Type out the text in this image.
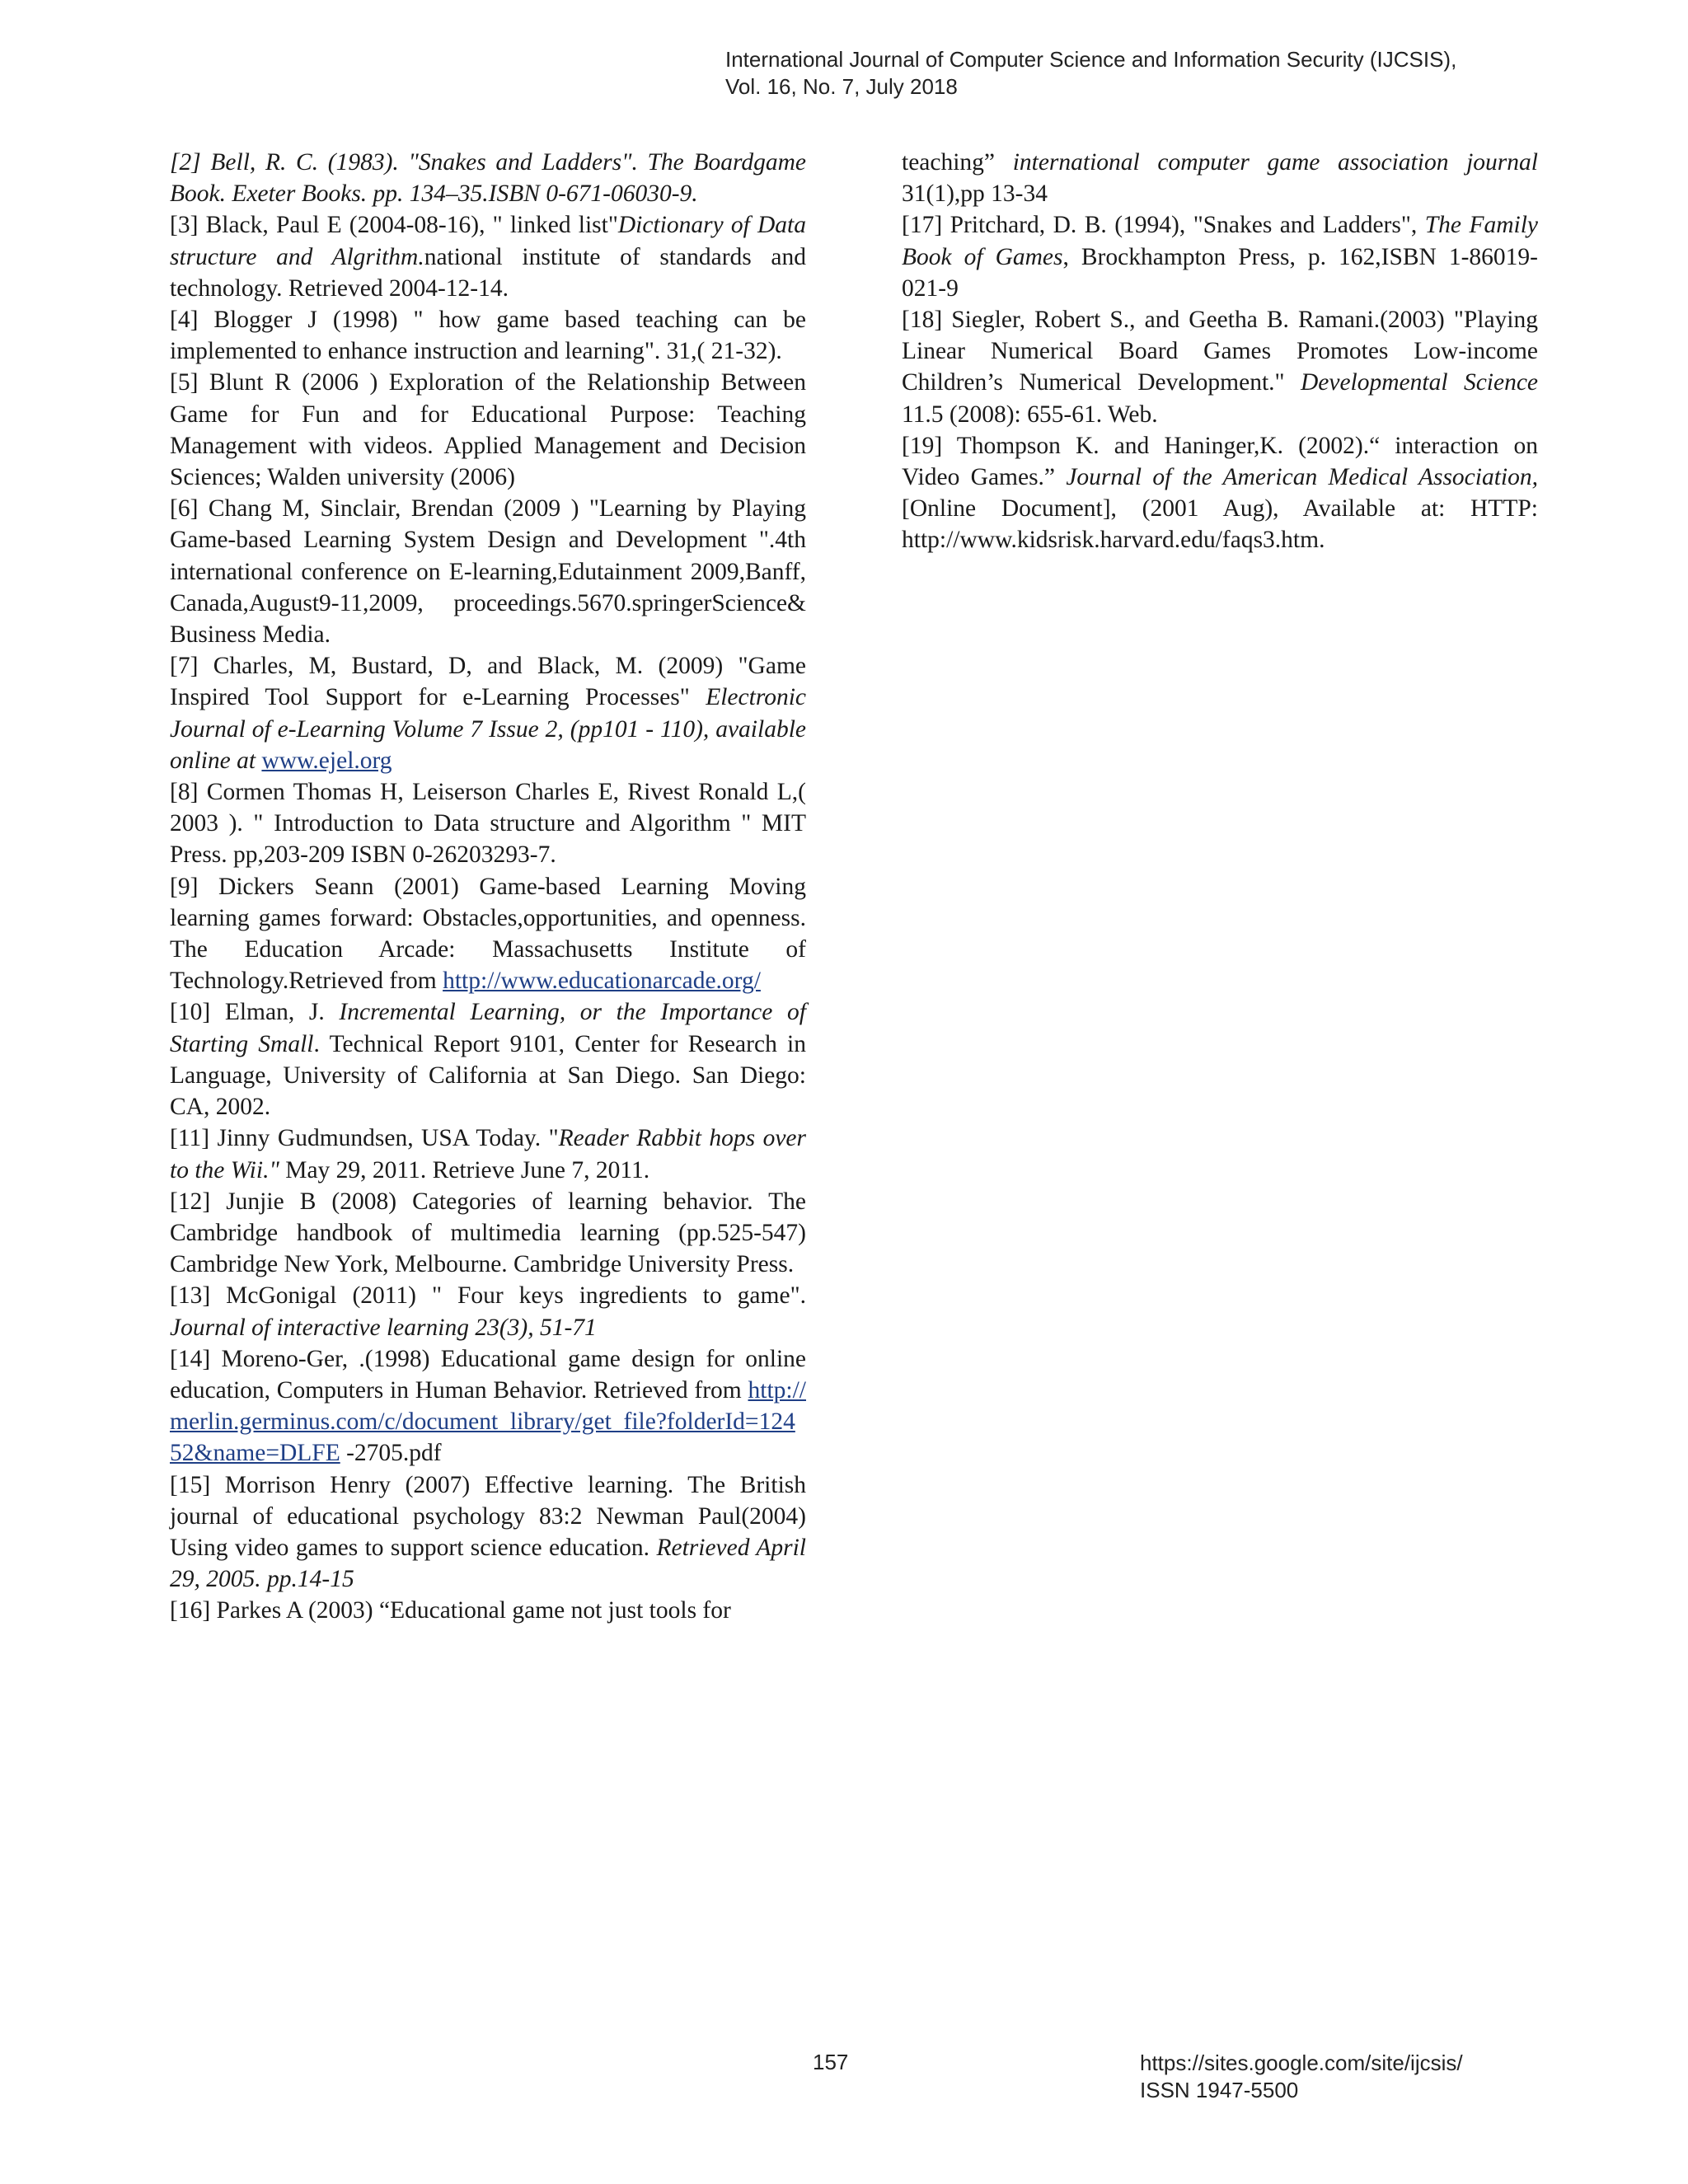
International Journal of Computer Science and Information Security (IJCSIS),
Vol. 16, No. 7, July 2018

[2] Bell, R. C. (1983). "Snakes and Ladders". The Boardgame Book. Exeter Books. pp. 134–35.ISBN 0-671-06030-9.

[3] Black, Paul E (2004-08-16), " linked list"Dictionary of Data structure and Algrithm.national institute of standards and technology. Retrieved 2004-12-14.

[4] Blogger J (1998) " how game based teaching can be implemented to enhance instruction and learning". 31,( 21-32).

[5] Blunt R (2006 ) Exploration of the Relationship Between Game for Fun and for Educational Purpose: Teaching Management with videos. Applied Management and Decision Sciences; Walden university (2006)

[6] Chang M, Sinclair, Brendan (2009 ) "Learning by Playing Game-based Learning System Design and Development ".4th international conference on E-learning,Edutainment 2009,Banff, Canada,August9-11,2009, proceedings.5670.springerScience& Business Media.

[7] Charles, M, Bustard, D, and Black, M. (2009) "Game Inspired Tool Support for e-Learning Processes" Electronic Journal of e-Learning Volume 7 Issue 2, (pp101 - 110), available online at www.ejel.org

[8] Cormen Thomas H, Leiserson Charles E, Rivest Ronald L,( 2003 ). " Introduction to Data structure and Algorithm " MIT Press. pp,203-209 ISBN 0-26203293-7.

[9] Dickers Seann (2001) Game-based Learning Moving learning games forward: Obstacles,opportunities, and openness. The Education Arcade: Massachusetts Institute of Technology.Retrieved from http://www.educationarcade.org/

[10] Elman, J. Incremental Learning, or the Importance of Starting Small. Technical Report 9101, Center for Research in Language, University of California at San Diego. San Diego: CA, 2002.

[11] Jinny Gudmundsen, USA Today. "Reader Rabbit hops over to the Wii." May 29, 2011. Retrieve June 7, 2011.

[12] Junjie B (2008) Categories of learning behavior. The Cambridge handbook of multimedia learning (pp.525-547) Cambridge New York, Melbourne. Cambridge University Press.

[13] McGonigal (2011) " Four keys ingredients to game". Journal of interactive learning 23(3), 51-71

[14] Moreno-Ger, .(1998) Educational game design for online education, Computers in Human Behavior. Retrieved from http://merlin.germinus.com/c/document_library/get_file?folderId=12452&name=DLFE -2705.pdf

[15] Morrison Henry (2007) Effective learning. The British journal of educational psychology 83:2 Newman Paul(2004) Using video games to support science education. Retrieved April 29, 2005. pp.14-15

[16] Parkes A (2003) “Educational game not just tools for

teaching” international computer game association journal 31(1),pp 13-34

[17] Pritchard, D. B. (1994), "Snakes and Ladders", The Family Book of Games, Brockhampton Press, p. 162,ISBN 1-86019-021-9

[18] Siegler, Robert S., and Geetha B. Ramani.(2003) "Playing Linear Numerical Board Games Promotes Low-income Children’s Numerical Development." Developmental Science 11.5 (2008): 655-61. Web.

[19] Thompson K. and Haninger,K. (2002).“ interaction on Video Games.” Journal of the American Medical Association, [Online Document], (2001 Aug), Available at: HTTP: http://www.kidsrisk.harvard.edu/faqs3.htm.

157	https://sites.google.com/site/ijcsis/
ISSN 1947-5500
